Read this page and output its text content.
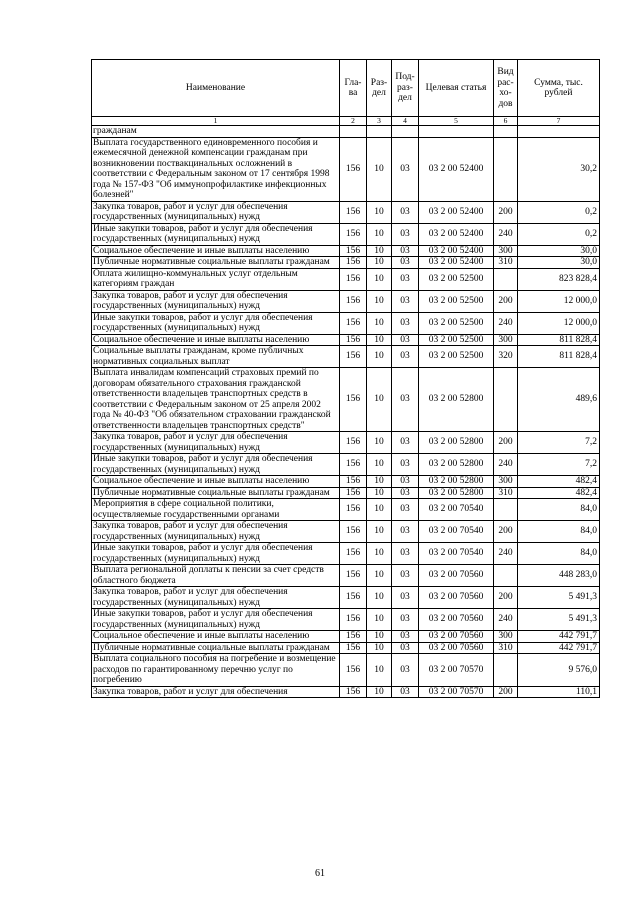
Наименование	Гла-ва	Раз-дел	Под-раз-дел	Целевая статья	Вид рас-хо-дов	Сумма, тыс. рублей
1	2	3	4	5	6	7
гражданам						
Выплата государственного единовременного пособия и ежемесячной денежной компенсации гражданам при возникновении поствакцинальных осложнений в соответствии с Федеральным законом от 17 сентября 1998 года № 157-ФЗ "Об иммунопрофилактике инфекционных болезней"	156	10	03	03 2 00 52400		30,2
Закупка товаров, работ и услуг для обеспечения государственных (муниципальных) нужд	156	10	03	03 2 00 52400	200	0,2
Иные закупки товаров, работ и услуг для обеспечения государственных (муниципальных) нужд	156	10	03	03 2 00 52400	240	0,2
Социальное обеспечение и иные выплаты населению	156	10	03	03 2 00 52400	300	30,0
Публичные нормативные социальные выплаты гражданам	156	10	03	03 2 00 52400	310	30,0
Оплата жилищно-коммунальных услуг отдельным категориям граждан	156	10	03	03 2 00 52500		823 828,4
Закупка товаров, работ и услуг для обеспечения государственных (муниципальных) нужд	156	10	03	03 2 00 52500	200	12 000,0
Иные закупки товаров, работ и услуг для обеспечения государственных (муниципальных) нужд	156	10	03	03 2 00 52500	240	12 000,0
Социальное обеспечение и иные выплаты населению	156	10	03	03 2 00 52500	300	811 828,4
Социальные выплаты гражданам, кроме публичных нормативных социальных выплат	156	10	03	03 2 00 52500	320	811 828,4
Выплата инвалидам компенсаций страховых премий по договорам обязательного страхования гражданской ответственности владельцев транспортных средств в соответствии с Федеральным законом от 25 апреля 2002 года № 40-ФЗ "Об обязательном страховании гражданской ответственности владельцев транспортных средств"	156	10	03	03 2 00 52800		489,6
Закупка товаров, работ и услуг для обеспечения государственных (муниципальных) нужд	156	10	03	03 2 00 52800	200	7,2
Иные закупки товаров, работ и услуг для обеспечения государственных (муниципальных) нужд	156	10	03	03 2 00 52800	240	7,2
Социальное обеспечение и иные выплаты населению	156	10	03	03 2 00 52800	300	482,4
Публичные нормативные социальные выплаты гражданам	156	10	03	03 2 00 52800	310	482,4
Мероприятия в сфере социальной политики, осуществляемые государственными органами	156	10	03	03 2 00 70540		84,0
Закупка товаров, работ и услуг для обеспечения государственных (муниципальных) нужд	156	10	03	03 2 00 70540	200	84,0
Иные закупки товаров, работ и услуг для обеспечения государственных (муниципальных) нужд	156	10	03	03 2 00 70540	240	84,0
Выплата региональной доплаты к пенсии за счет средств областного бюджета	156	10	03	03 2 00 70560		448 283,0
Закупка товаров, работ и услуг для обеспечения государственных (муниципальных) нужд	156	10	03	03 2 00 70560	200	5 491,3
Иные закупки товаров, работ и услуг для обеспечения государственных (муниципальных) нужд	156	10	03	03 2 00 70560	240	5 491,3
Социальное обеспечение и иные выплаты населению	156	10	03	03 2 00 70560	300	442 791,7
Публичные нормативные социальные выплаты гражданам	156	10	03	03 2 00 70560	310	442 791,7
Выплата социального пособия на погребение и возмещение расходов по гарантированному перечню услуг по погребению	156	10	03	03 2 00 70570		9 576,0
Закупка товаров, работ и услуг для обеспечения	156	10	03	03 2 00 70570	200	110,1
61
